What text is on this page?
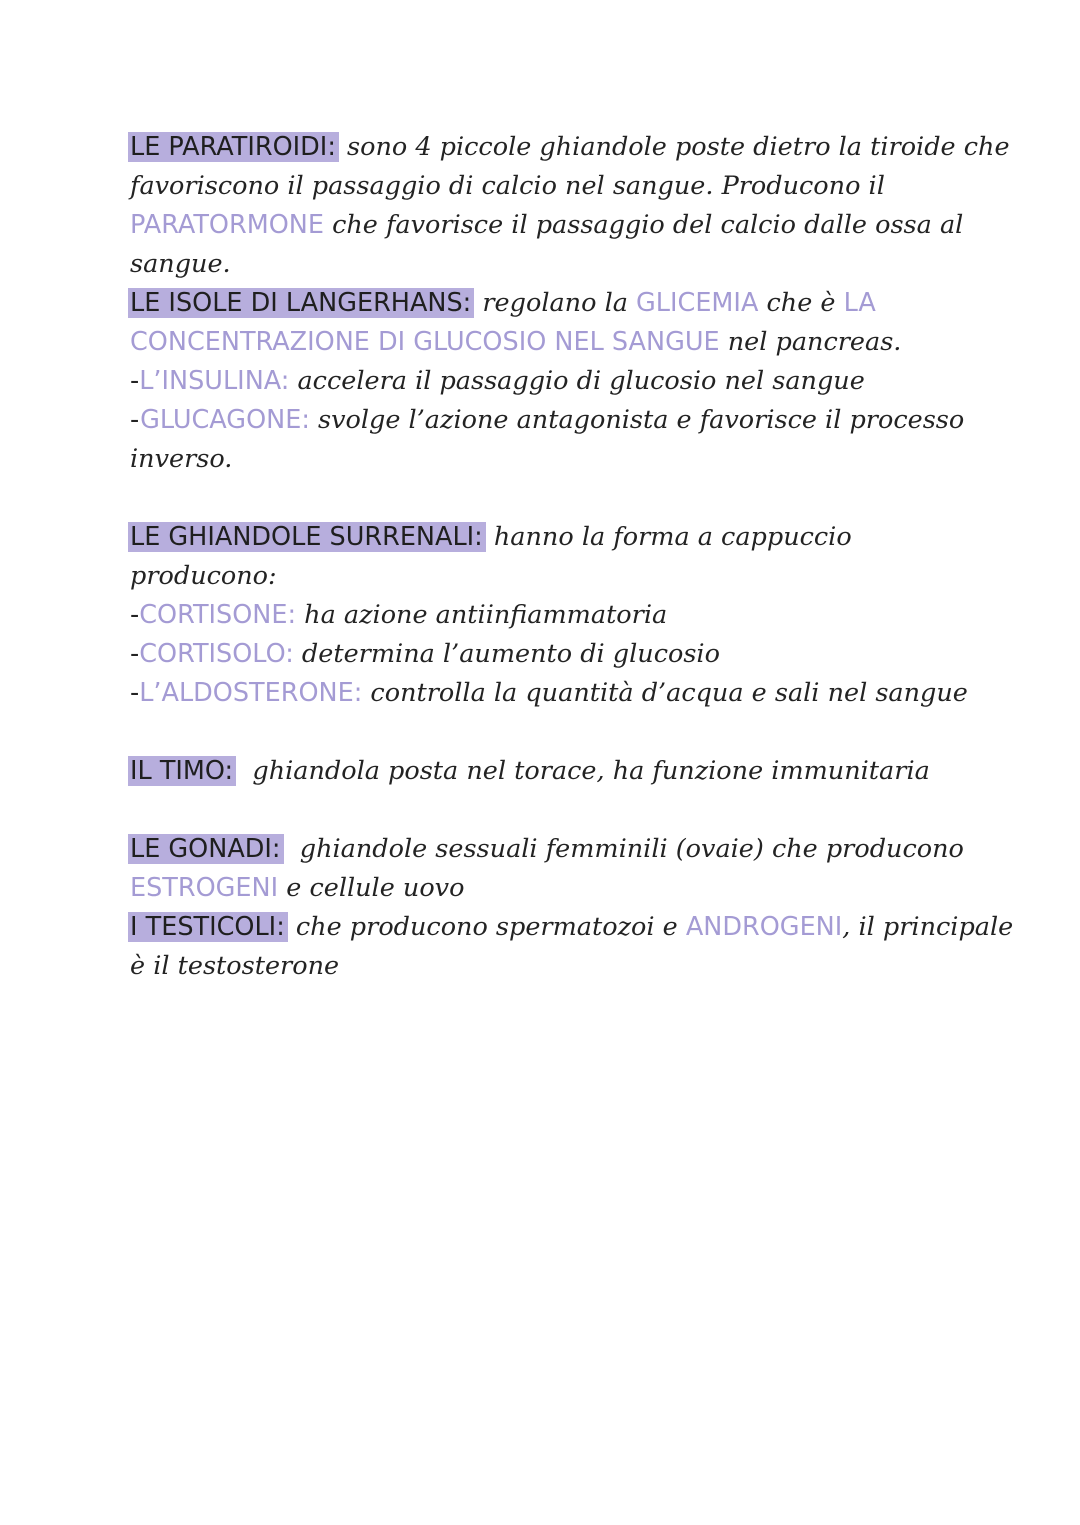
LE PARATIROIDI: sono 4 piccole ghiandole poste dietro la tiroide che
favoriscono il passaggio di calcio nel sangue. Producono il
PARATORMONE che favorisce il passaggio del calcio dalle ossa al
sangue.
LE ISOLE DI LANGERHANS: regolano la GLICEMIA che è LA
CONCENTRAZIONE DI GLUCOSIO NEL SANGUE nel pancreas.
-L’INSULINA: accelera il passaggio di glucosio nel sangue
-GLUCAGONE: svolge l’azione antagonista e favorisce il processo
inverso.
LE GHIANDOLE SURRENALI: hanno la forma a cappuccio
producono:
-CORTISONE: ha azione antiinfiammatoria
-CORTISOLO: determina l’aumento di glucosio
-L’ALDOSTERONE: controlla la quantità d’acqua e sali nel sangue
IL TIMO:  ghiandola posta nel torace, ha funzione immunitaria
LE GONADI:  ghiandole sessuali femminili (ovaie) che producono
ESTROGENI e cellule uovo
I TESTICOLI: che producono spermatozoi e ANDROGENI, il principale
è il testosterone
